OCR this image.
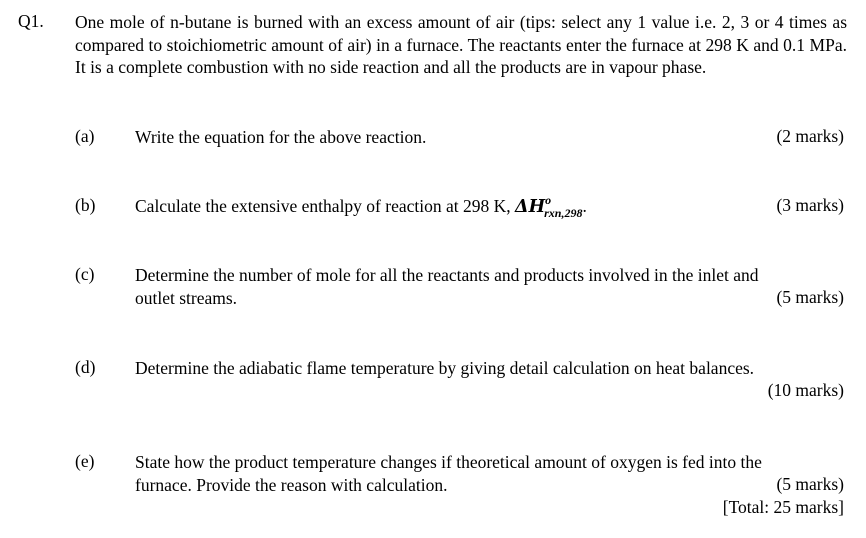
Q1. One mole of n-butane is burned with an excess amount of air (tips: select any 1 value i.e. 2, 3 or 4 times as compared to stoichiometric amount of air) in a furnace. The reactants enter the furnace at 298 K and 0.1 MPa. It is a complete combustion with no side reaction and all the products are in vapour phase.
(a) Write the equation for the above reaction.	(2 marks)
(b) Calculate the extensive enthalpy of reaction at 298 K, $\Delta H^o_{rxn,298}$.	(3 marks)
(c) Determine the number of mole for all the reactants and products involved in the inlet and
outlet streams.	(5 marks)
(d) Determine the adiabatic flame temperature by giving detail calculation on heat balances.
(10 marks)
(e) State how the product temperature changes if theoretical amount of oxygen is fed into the
furnace. Provide the reason with calculation.	(5 marks)
[Total: 25 marks]
